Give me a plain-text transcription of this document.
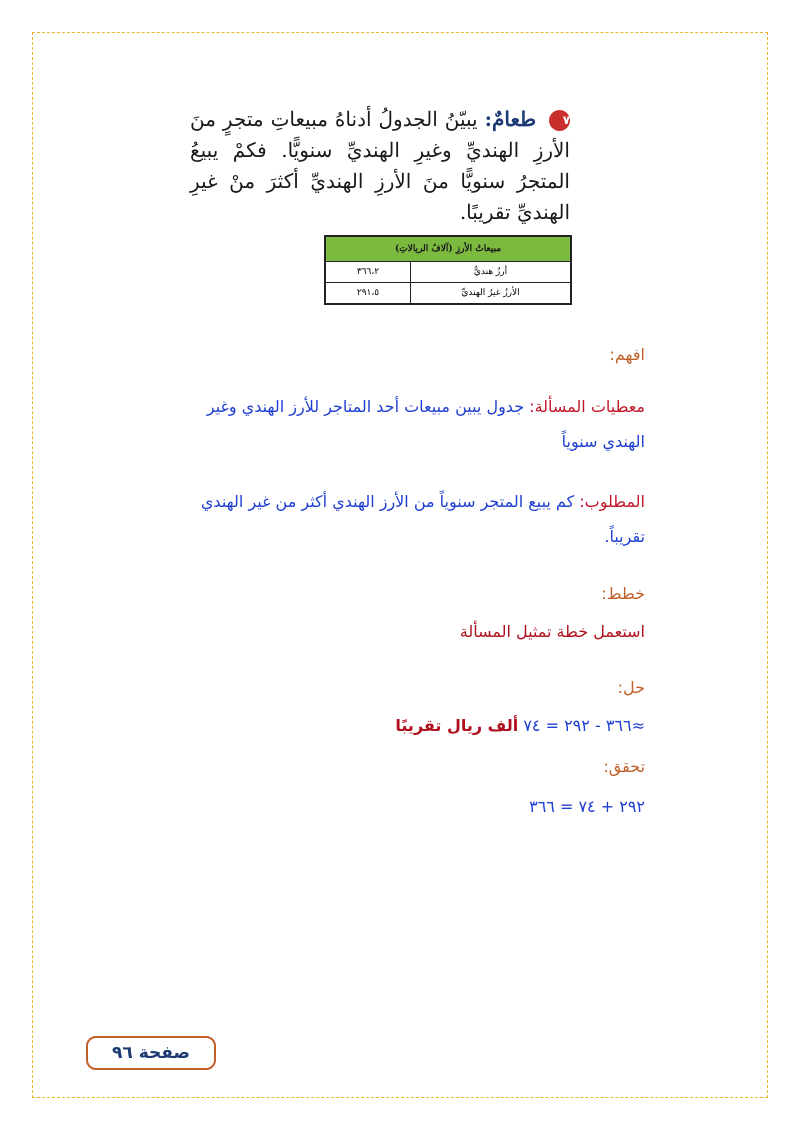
٧ طعامٌ: يبيّنُ الجدولُ أدناهُ مبيعاتِ متجرٍ منَ الأرزِ الهنديِّ وغيرِ الهنديِّ سنويًّا. فكمْ يبيعُ المتجرُ سنويًّا منَ الأرزِ الهنديِّ أكثرَ منْ غيرِ الهنديِّ تقريبًا.
مبيعاتُ الأرزِ (آلافُ الريالاتِ)	
أرزٌ هنديٌّ	٣٦٦،٢
الأرزُ غيرُ الهنديِّ	٢٩١،٥
افهم:
معطيات المسألة: جدول يبين مبيعات أحد المتاجر للأرز الهندي وغير
الهندي سنوياً
المطلوب: كم يبيع المتجر سنوياً من الأرز الهندي أكثر من غير الهندي
تقريباً.
خطط:
استعمل خطة تمثيل المسألة
حل:
≈٣٦٦ - ٢٩٢ = ٧٤ ألف ريال تقريبًا
تحقق:
٢٩٢ + ٧٤ = ٣٦٦
صفحة ٩٦
